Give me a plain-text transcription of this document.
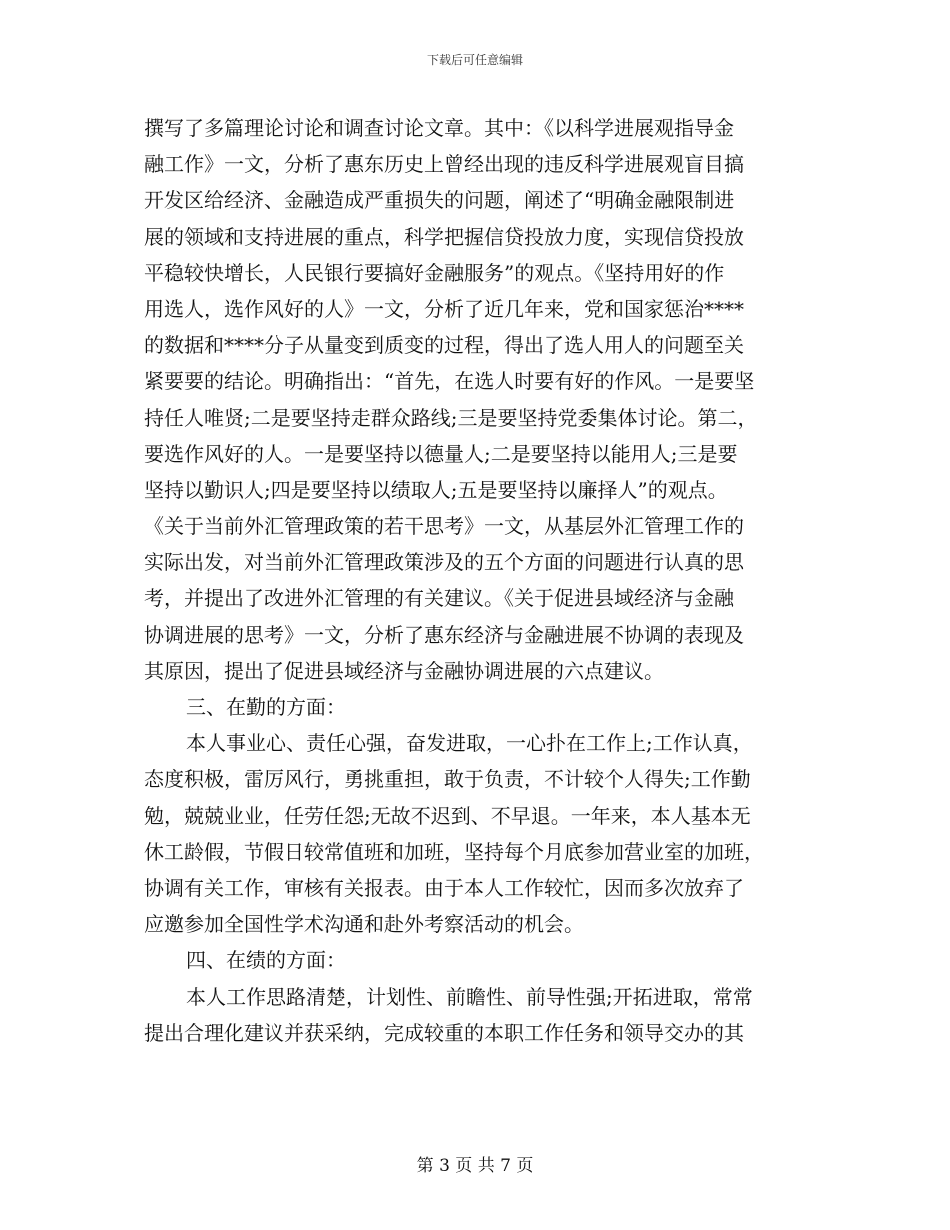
下载后可任意编辑
撰写了多篇理论讨论和调查讨论文章。其中：《以科学进展观指导金
融工作》一文，分析了惠东历史上曾经出现的违反科学进展观盲目搞
开发区给经济、金融造成严重损失的问题，阐述了“明确金融限制进
展的领域和支持进展的重点，科学把握信贷投放力度，实现信贷投放
平稳较快增长，人民银行要搞好金融服务”的观点。《坚持用好的作
用选人，选作风好的人》一文，分析了近几年来，党和国家惩治****
的数据和****分子从量变到质变的过程，得出了选人用人的问题至关
紧要要的结论。明确指出：“首先，在选人时要有好的作风。一是要坚
持任人唯贤;二是要坚持走群众路线;三是要坚持党委集体讨论。第二，
要选作风好的人。一是要坚持以德量人;二是要坚持以能用人;三是要
坚持以勤识人;四是要坚持以绩取人;五是要坚持以廉择人”的观点。
《关于当前外汇管理政策的若干思考》一文，从基层外汇管理工作的
实际出发，对当前外汇管理政策涉及的五个方面的问题进行认真的思
考，并提出了改进外汇管理的有关建议。《关于促进县域经济与金融
协调进展的思考》一文，分析了惠东经济与金融进展不协调的表现及
其原因，提出了促进县域经济与金融协调进展的六点建议。
三、在勤的方面：
本人事业心、责任心强，奋发进取，一心扑在工作上;工作认真，
态度积极，雷厉风行，勇挑重担，敢于负责，不计较个人得失;工作勤
勉，兢兢业业，任劳任怨;无故不迟到、不早退。一年来，本人基本无
休工龄假，节假日较常值班和加班，坚持每个月底参加营业室的加班，
协调有关工作，审核有关报表。由于本人工作较忙，因而多次放弃了
应邀参加全国性学术沟通和赴外考察活动的机会。
四、在绩的方面：
本人工作思路清楚，计划性、前瞻性、前导性强;开拓进取，常常
提出合理化建议并获采纳，完成较重的本职工作任务和领导交办的其
第 3 页 共 7 页
